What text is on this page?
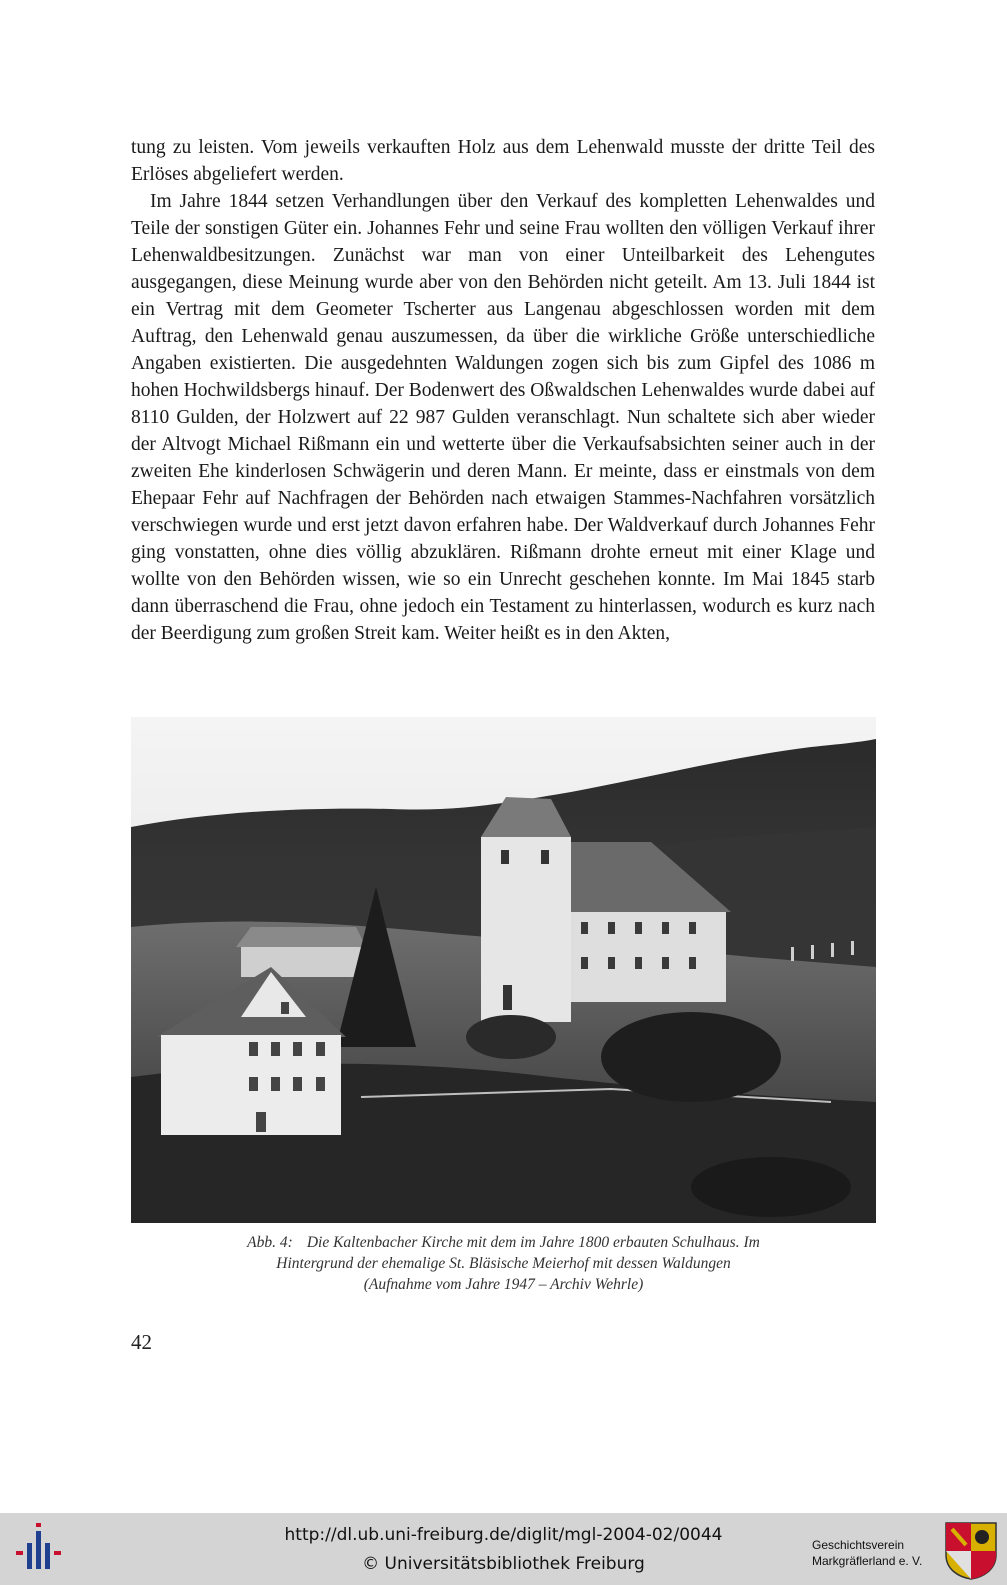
tung zu leisten. Vom jeweils verkauften Holz aus dem Lehenwald musste der dritte Teil des Erlöses abgeliefert werden.

Im Jahre 1844 setzen Verhandlungen über den Verkauf des kompletten Lehenwaldes und Teile der sonstigen Güter ein. Johannes Fehr und seine Frau wollten den völligen Verkauf ihrer Lehenwaldbesitzungen. Zunächst war man von einer Unteilbarkeit des Lehengutes ausgegangen, diese Meinung wurde aber von den Behörden nicht geteilt. Am 13. Juli 1844 ist ein Vertrag mit dem Geometer Tscherter aus Langenau abgeschlossen worden mit dem Auftrag, den Lehenwald genau auszumessen, da über die wirkliche Größe unterschiedliche Angaben existierten. Die ausgedehnten Waldungen zogen sich bis zum Gipfel des 1086 m hohen Hochwildsbergs hinauf. Der Bodenwert des Oßwaldschen Lehenwaldes wurde dabei auf 8110 Gulden, der Holzwert auf 22 987 Gulden veranschlagt. Nun schaltete sich aber wieder der Altvogt Michael Rißmann ein und wetterte über die Verkaufsabsichten seiner auch in der zweiten Ehe kinderlosen Schwägerin und deren Mann. Er meinte, dass er einstmals von dem Ehepaar Fehr auf Nachfragen der Behörden nach etwaigen Stammes-Nachfahren vorsätzlich verschwiegen wurde und erst jetzt davon erfahren habe. Der Waldverkauf durch Johannes Fehr ging vonstatten, ohne dies völlig abzuklären. Rißmann drohte erneut mit einer Klage und wollte von den Behörden wissen, wie so ein Unrecht geschehen konnte. Im Mai 1845 starb dann überraschend die Frau, ohne jedoch ein Testament zu hinterlassen, wodurch es kurz nach der Beerdigung zum großen Streit kam. Weiter heißt es in den Akten,

Abb. 4: Die Kaltenbacher Kirche mit dem im Jahre 1800 erbauten Schulhaus. Im
Hintergrund der ehemalige St. Bläsische Meierhof mit dessen Waldungen
(Aufnahme vom Jahre 1947 – Archiv Wehrle)
42
http://dl.ub.uni-freiburg.de/diglit/mgl-2004-02/0044
© Universitätsbibliothek Freiburg
Geschichtsverein
Markgräflerland e. V.
